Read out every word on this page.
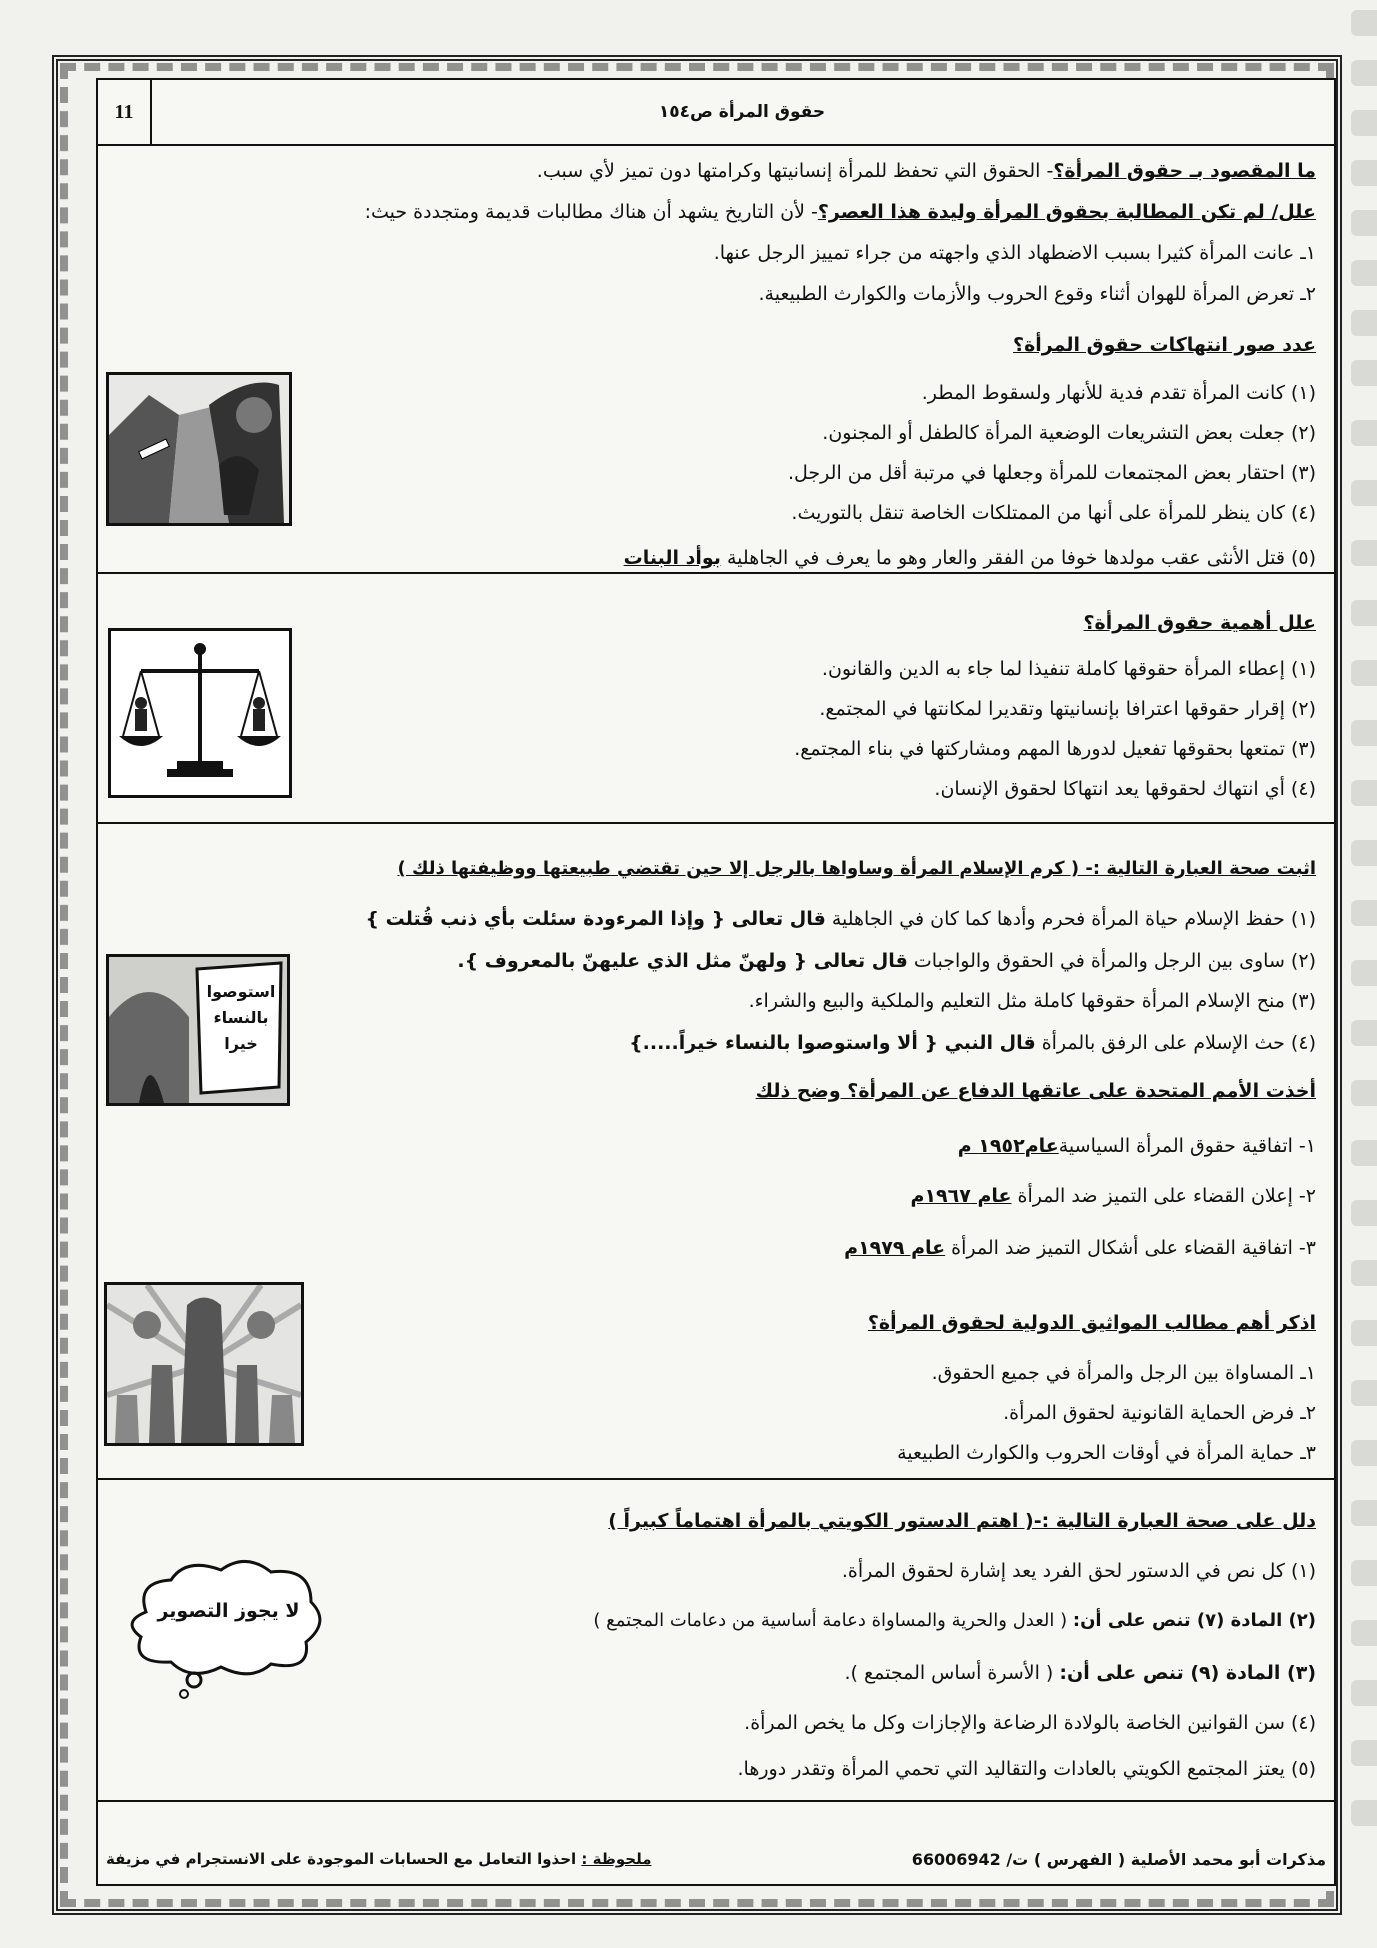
11	حقوق المرأة ص١٥٤
ما المقصود بـ حقوق المرأة؟- الحقوق التي تحفظ للمرأة إنسانيتها وكرامتها دون تميز لأي سبب.
علل/ لم تكن المطالبة بحقوق المرأة وليدة هذا العصر؟- لأن التاريخ يشهد أن هناك مطالبات قديمة ومتجددة حيث:
١ـ عانت المرأة كثيرا بسبب الاضطهاد الذي واجهته من جراء تمييز الرجل عنها.
٢ـ تعرض المرأة للهوان أثناء وقوع الحروب والأزمات والكوارث الطبيعية.
عدد صور انتهاكات حقوق المرأة؟
(١) كانت المرأة تقدم فدية للأنهار ولسقوط المطر.
(٢) جعلت بعض التشريعات الوضعية المرأة كالطفل أو المجنون.
(٣) احتقار بعض المجتمعات للمرأة وجعلها في مرتبة أقل من الرجل.
(٤) كان ينظر للمرأة على أنها من الممتلكات الخاصة تنقل بالتوريث.
(٥) قتل الأنثى عقب مولدها خوفا من الفقر والعار وهو ما يعرف في الجاهلية بوأد البنات
علل أهمية حقوق المرأة؟
(١) إعطاء المرأة حقوقها كاملة تنفيذا لما جاء به الدين والقانون.
(٢) إقرار حقوقها اعترافا بإنسانيتها وتقديرا لمكانتها في المجتمع.
(٣) تمتعها بحقوقها تفعيل لدورها المهم ومشاركتها في بناء المجتمع.
(٤) أي انتهاك لحقوقها يعد انتهاكا لحقوق الإنسان.
اثبت صحة العبارة التالية :- ( كرم الإسلام المرأة وساواها بالرجل إلا حين تقتضي طبيعتها ووظيفتها ذلك )
(١) حفظ الإسلام حياة المرأة فحرم وأدها كما كان في الجاهلية قال تعالى { وإذا المرءودة سئلت بأي ذنب قُتلت }
(٢) ساوى بين الرجل والمرأة في الحقوق والواجبات قال تعالى { ولهنّ مثل الذي عليهنّ بالمعروف }.
(٣) منح الإسلام المرأة حقوقها كاملة مثل التعليم والملكية والبيع والشراء.
(٤) حث الإسلام على الرفق بالمرأة قال النبي { ألا واستوصوا بالنساء خيراً.....}
استوصوا بالنساء خيرا
أخذت الأمم المتحدة على عاتقها الدفاع عن المرأة؟ وضح ذلك
١- اتفاقية حقوق المرأة السياسيةعام١٩٥٢ م
٢- إعلان القضاء على التميز ضد المرأة عام ١٩٦٧م
٣- اتفاقية القضاء على أشكال التميز ضد المرأة عام ١٩٧٩م
اذكر أهم مطالب المواثيق الدولية لحقوق المرأة؟
١ـ المساواة بين الرجل والمرأة في جميع الحقوق.
٢ـ فرض الحماية القانونية لحقوق المرأة.
٣ـ حماية المرأة في أوقات الحروب والكوارث الطبيعية
دلل على صحة العبارة التالية :-( اهتم الدستور الكويتي بالمرأة اهتماماً كبيراً )
(١) كل نص في الدستور لحق الفرد يعد إشارة لحقوق المرأة.
(٢) المادة (٧) تنص على أن: ( العدل والحرية والمساواة دعامة أساسية من دعامات المجتمع )
(٣) المادة (٩) تنص على أن: ( الأسرة أساس المجتمع ).
(٤) سن القوانين الخاصة بالولادة الرضاعة والإجازات وكل ما يخص المرأة.
(٥) يعتز المجتمع الكويتي بالعادات والتقاليد التي تحمي المرأة وتقدر دورها.
لا يجوز التصوير
مذكرات أبو محمد الأصلية ( الفهرس ) ت/ 66006942
ملحوظة : احذوا التعامل مع الحسابات الموجودة على الانستجرام في مزيفة
